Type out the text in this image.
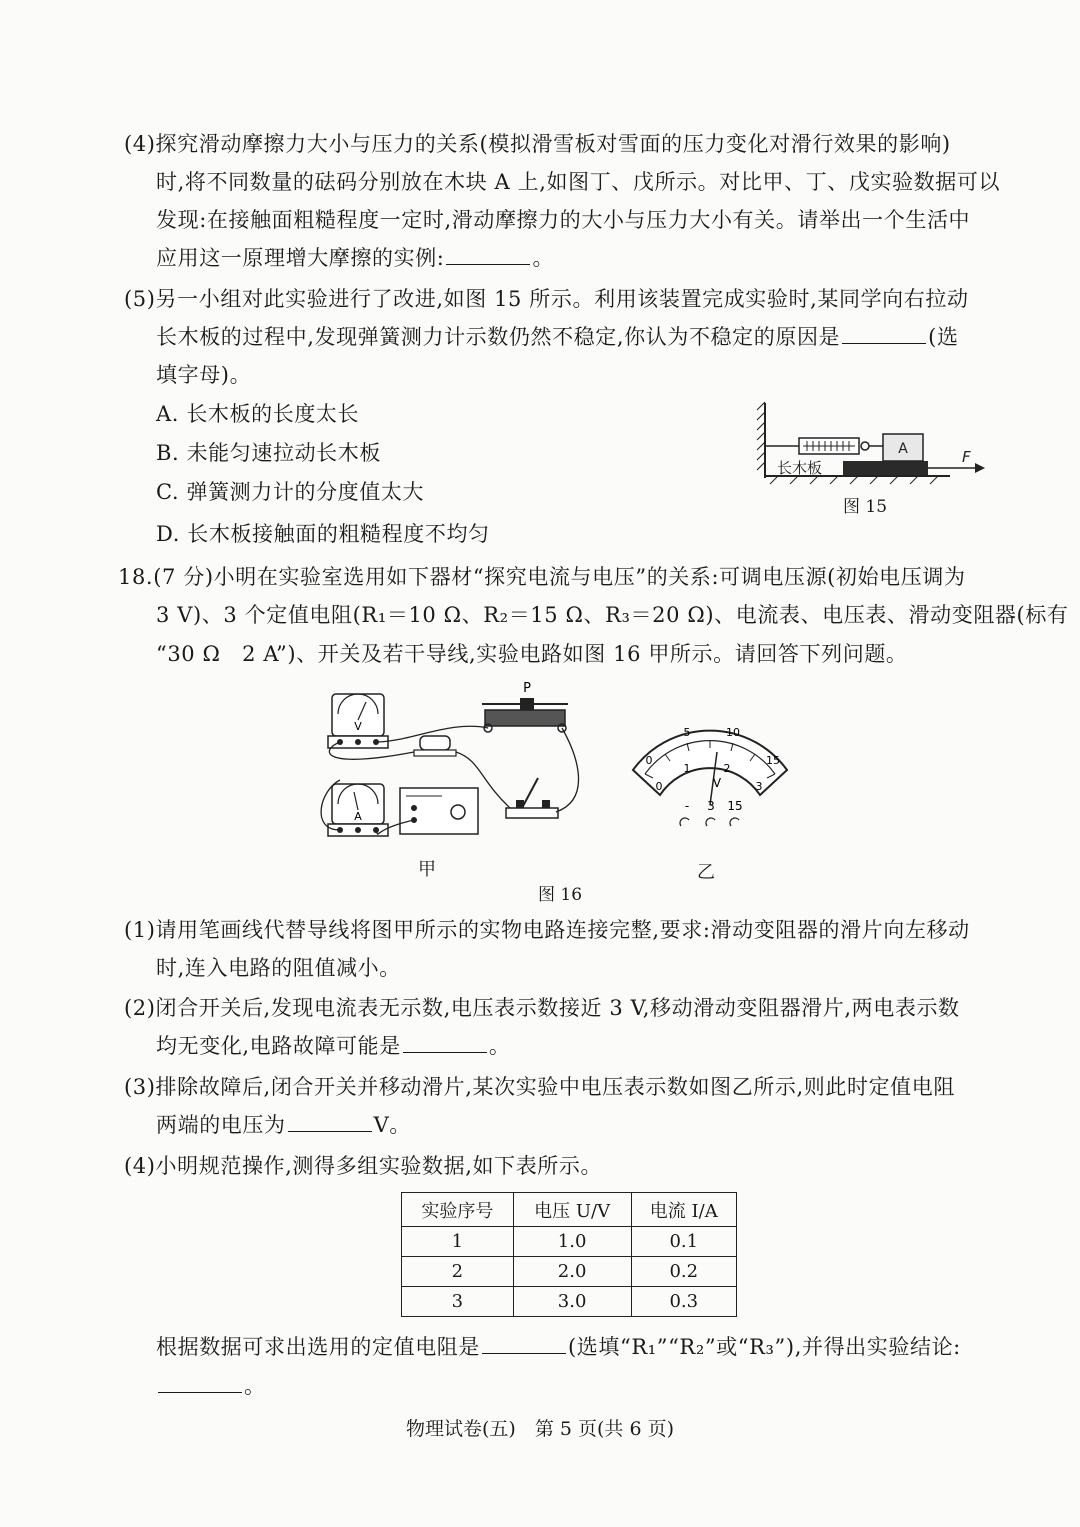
(4)探究滑动摩擦力大小与压力的关系(模拟滑雪板对雪面的压力变化对滑行效果的影响)
时,将不同数量的砝码分别放在木块 A 上,如图丁、戊所示。对比甲、丁、戊实验数据可以
发现:在接触面粗糙程度一定时,滑动摩擦力的大小与压力大小有关。请举出一个生活中
应用这一原理增大摩擦的实例:	。
(5)另一小组对此实验进行了改进,如图 15 所示。利用该装置完成实验时,某同学向右拉动
长木板的过程中,发现弹簧测力计示数仍然不稳定,你认为不稳定的原因是	(选
填字母)。
A. 长木板的长度太长
B. 未能匀速拉动长木板
C. 弹簧测力计的分度值太大
D. 长木板接触面的粗糙程度不均匀
A
长木板
F
图 15
18.(7 分)小明在实验室选用如下器材“探究电流与电压”的关系:可调电压源(初始电压调为
3 V)、3 个定值电阻(R₁＝10 Ω、R₂＝15 Ω、R₃＝20 Ω)、电流表、电压表、滑动变阻器(标有
“30 Ω　2 A”)、开关及若干导线,实验电路如图 16 甲所示。请回答下列问题。
V
A
P
0
5	10
15
0
1	2
3
V
- 3 15
甲	乙
图 16
(1)请用笔画线代替导线将图甲所示的实物电路连接完整,要求:滑动变阻器的滑片向左移动
时,连入电路的阻值减小。
(2)闭合开关后,发现电流表无示数,电压表示数接近 3 V,移动滑动变阻器滑片,两电表示数
均无变化,电路故障可能是	。
(3)排除故障后,闭合开关并移动滑片,某次实验中电压表示数如图乙所示,则此时定值电阻
两端的电压为	V。
(4)小明规范操作,测得多组实验数据,如下表所示。
实验序号	电压 U/V	电流 I/A
1	1.0	0.1
2	2.0	0.2
3	3.0	0.3
根据数据可求出选用的定值电阻是	(选填“R₁”“R₂”或“R₃”),并得出实验结论:
。
物理试卷(五)　第 5 页(共 6 页)
